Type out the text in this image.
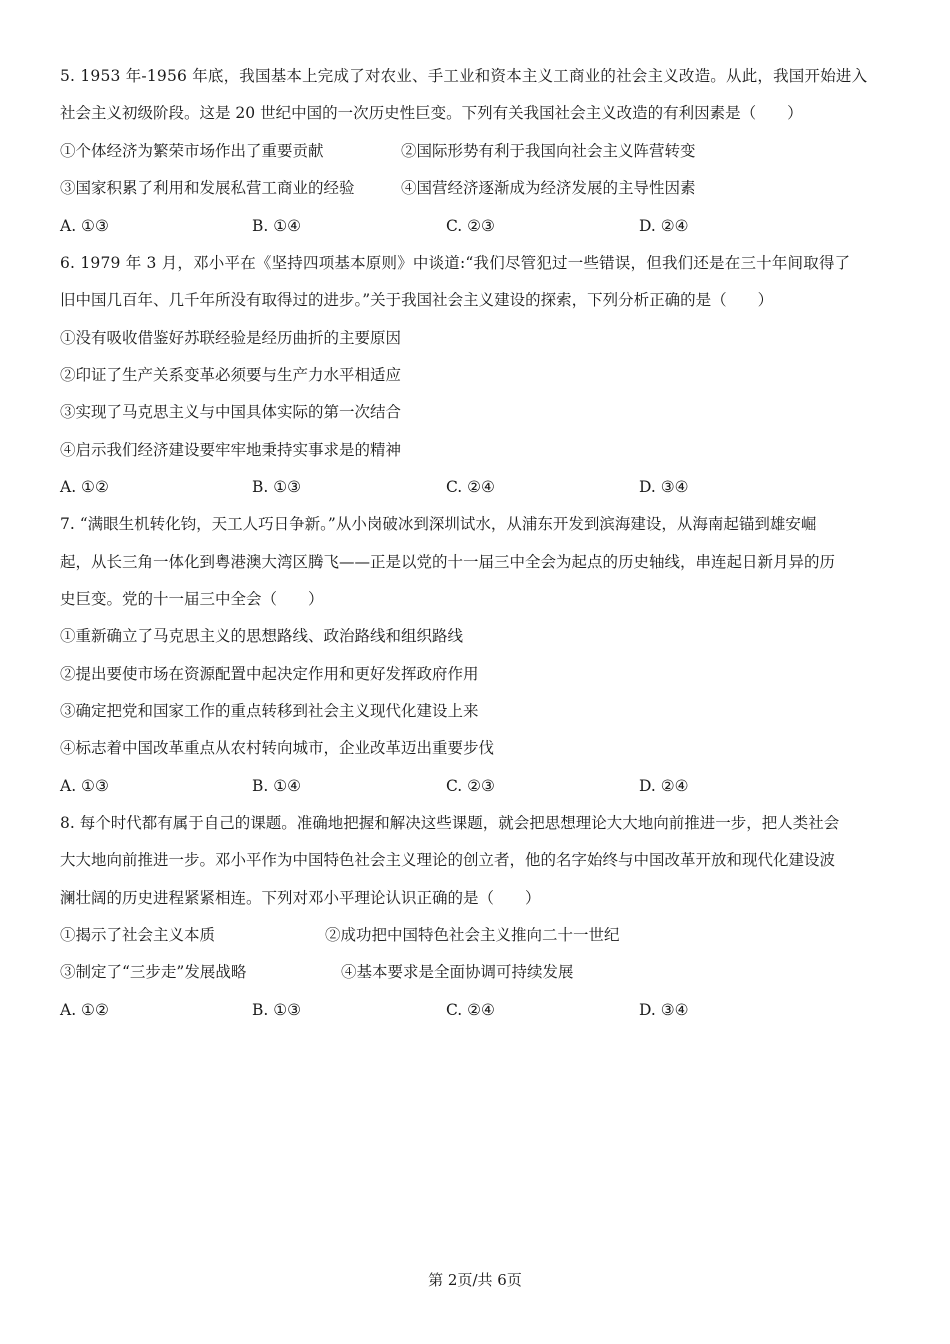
5. 1953 年-1956 年底，我国基本上完成了对农业、手工业和资本主义工商业的社会主义改造。从此，我国开始进入
社会主义初级阶段。这是 20 世纪中国的一次历史性巨变。下列有关我国社会主义改造的有利因素是（　　）
①个体经济为繁荣市场作出了重要贡献	②国际形势有利于我国向社会主义阵营转变
③国家积累了利用和发展私营工商业的经验	④国营经济逐渐成为经济发展的主导性因素
A. ①③	B. ①④	C. ②③	D. ②④
6. 1979 年 3 月，邓小平在《坚持四项基本原则》中谈道:“我们尽管犯过一些错误，但我们还是在三十年间取得了
旧中国几百年、几千年所没有取得过的进步。”关于我国社会主义建设的探索，下列分析正确的是（　　）
①没有吸收借鉴好苏联经验是经历曲折的主要原因
②印证了生产关系变革必须要与生产力水平相适应
③实现了马克思主义与中国具体实际的第一次结合
④启示我们经济建设要牢牢地秉持实事求是的精神
A. ①②	B. ①③	C. ②④	D. ③④
7. “满眼生机转化钧，天工人巧日争新。”从小岗破冰到深圳试水，从浦东开发到滨海建设，从海南起锚到雄安崛
起，从长三角一体化到粤港澳大湾区腾飞——正是以党的十一届三中全会为起点的历史轴线，串连起日新月异的历
史巨变。党的十一届三中全会（　　）
①重新确立了马克思主义的思想路线、政治路线和组织路线
②提出要使市场在资源配置中起决定作用和更好发挥政府作用
③确定把党和国家工作的重点转移到社会主义现代化建设上来
④标志着中国改革重点从农村转向城市，企业改革迈出重要步伐
A. ①③	B. ①④	C. ②③	D. ②④
8. 每个时代都有属于自己的课题。准确地把握和解决这些课题，就会把思想理论大大地向前推进一步，把人类社会
大大地向前推进一步。邓小平作为中国特色社会主义理论的创立者，他的名字始终与中国改革开放和现代化建设波
澜壮阔的历史进程紧紧相连。下列对邓小平理论认识正确的是（　　）
①揭示了社会主义本质	②成功把中国特色社会主义推向二十一世纪
③制定了“三步走”发展战略	④基本要求是全面协调可持续发展
A. ①②	B. ①③	C. ②④	D. ③④
第 2页/共 6页
